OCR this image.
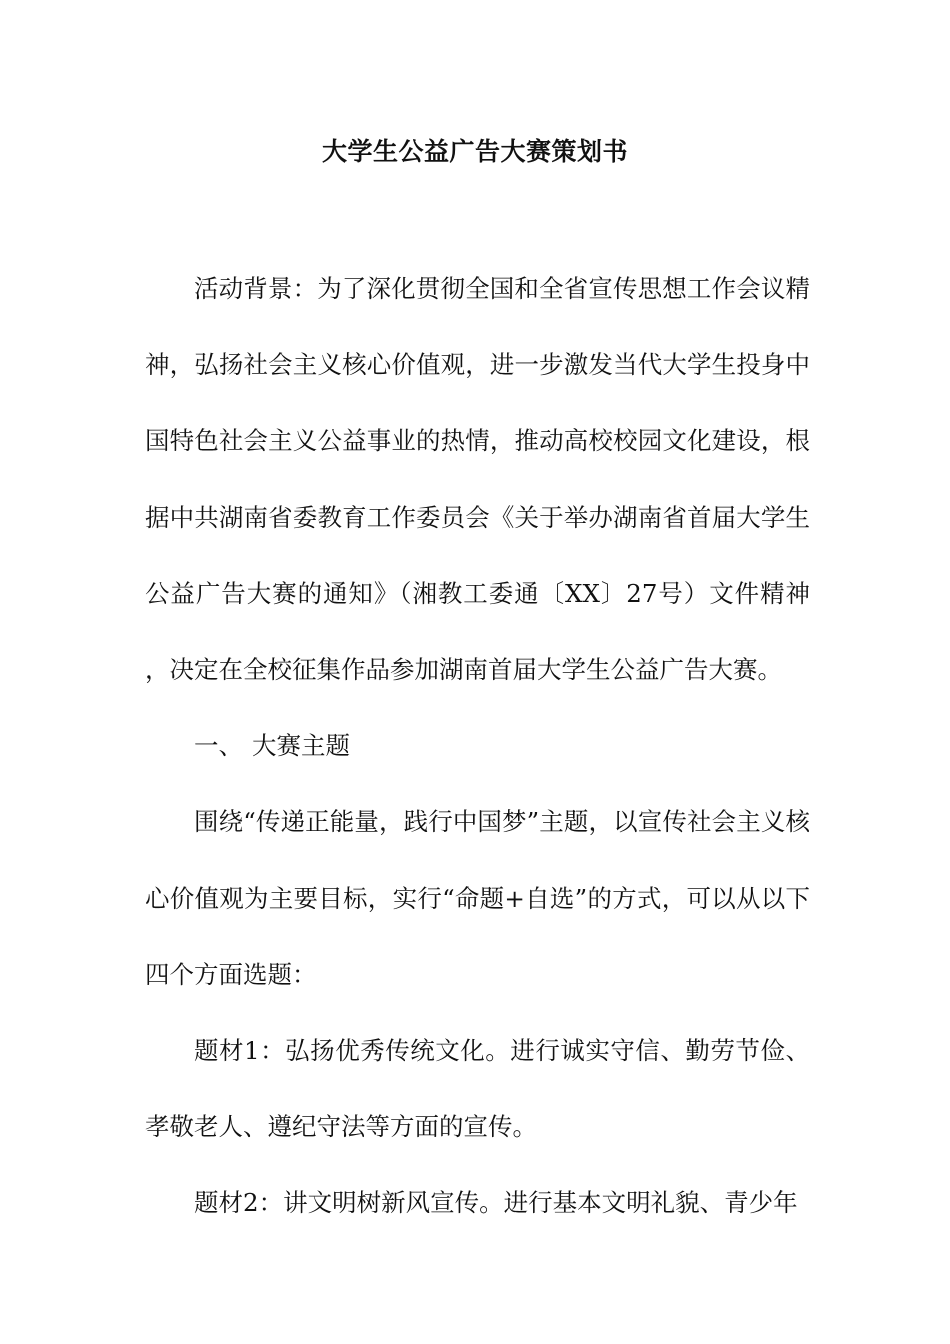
大学生公益广告大赛策划书

活动背景：为了深化贯彻全国和全省宣传思想工作会议精神，弘扬社会主义核心价值观，进一步激发当代大学生投身中国特色社会主义公益事业的热情，推动高校校园文化建设，根据中共湖南省委教育工作委员会《关于举办湖南省首届大学生公益广告大赛的通知》（湘教工委通〔XX〕27号）文件精神，决定在全校征集作品参加湖南首届大学生公益广告大赛。

一、 大赛主题

围绕“传递正能量，践行中国梦”主题，以宣传社会主义核心价值观为主要目标，实行“命题+自选”的方式，可以从以下四个方面选题：

题材1：弘扬优秀传统文化。进行诚实守信、勤劳节俭、孝敬老人、遵纪守法等方面的宣传。

题材2：讲文明树新风宣传。进行基本文明礼貌、青少年
